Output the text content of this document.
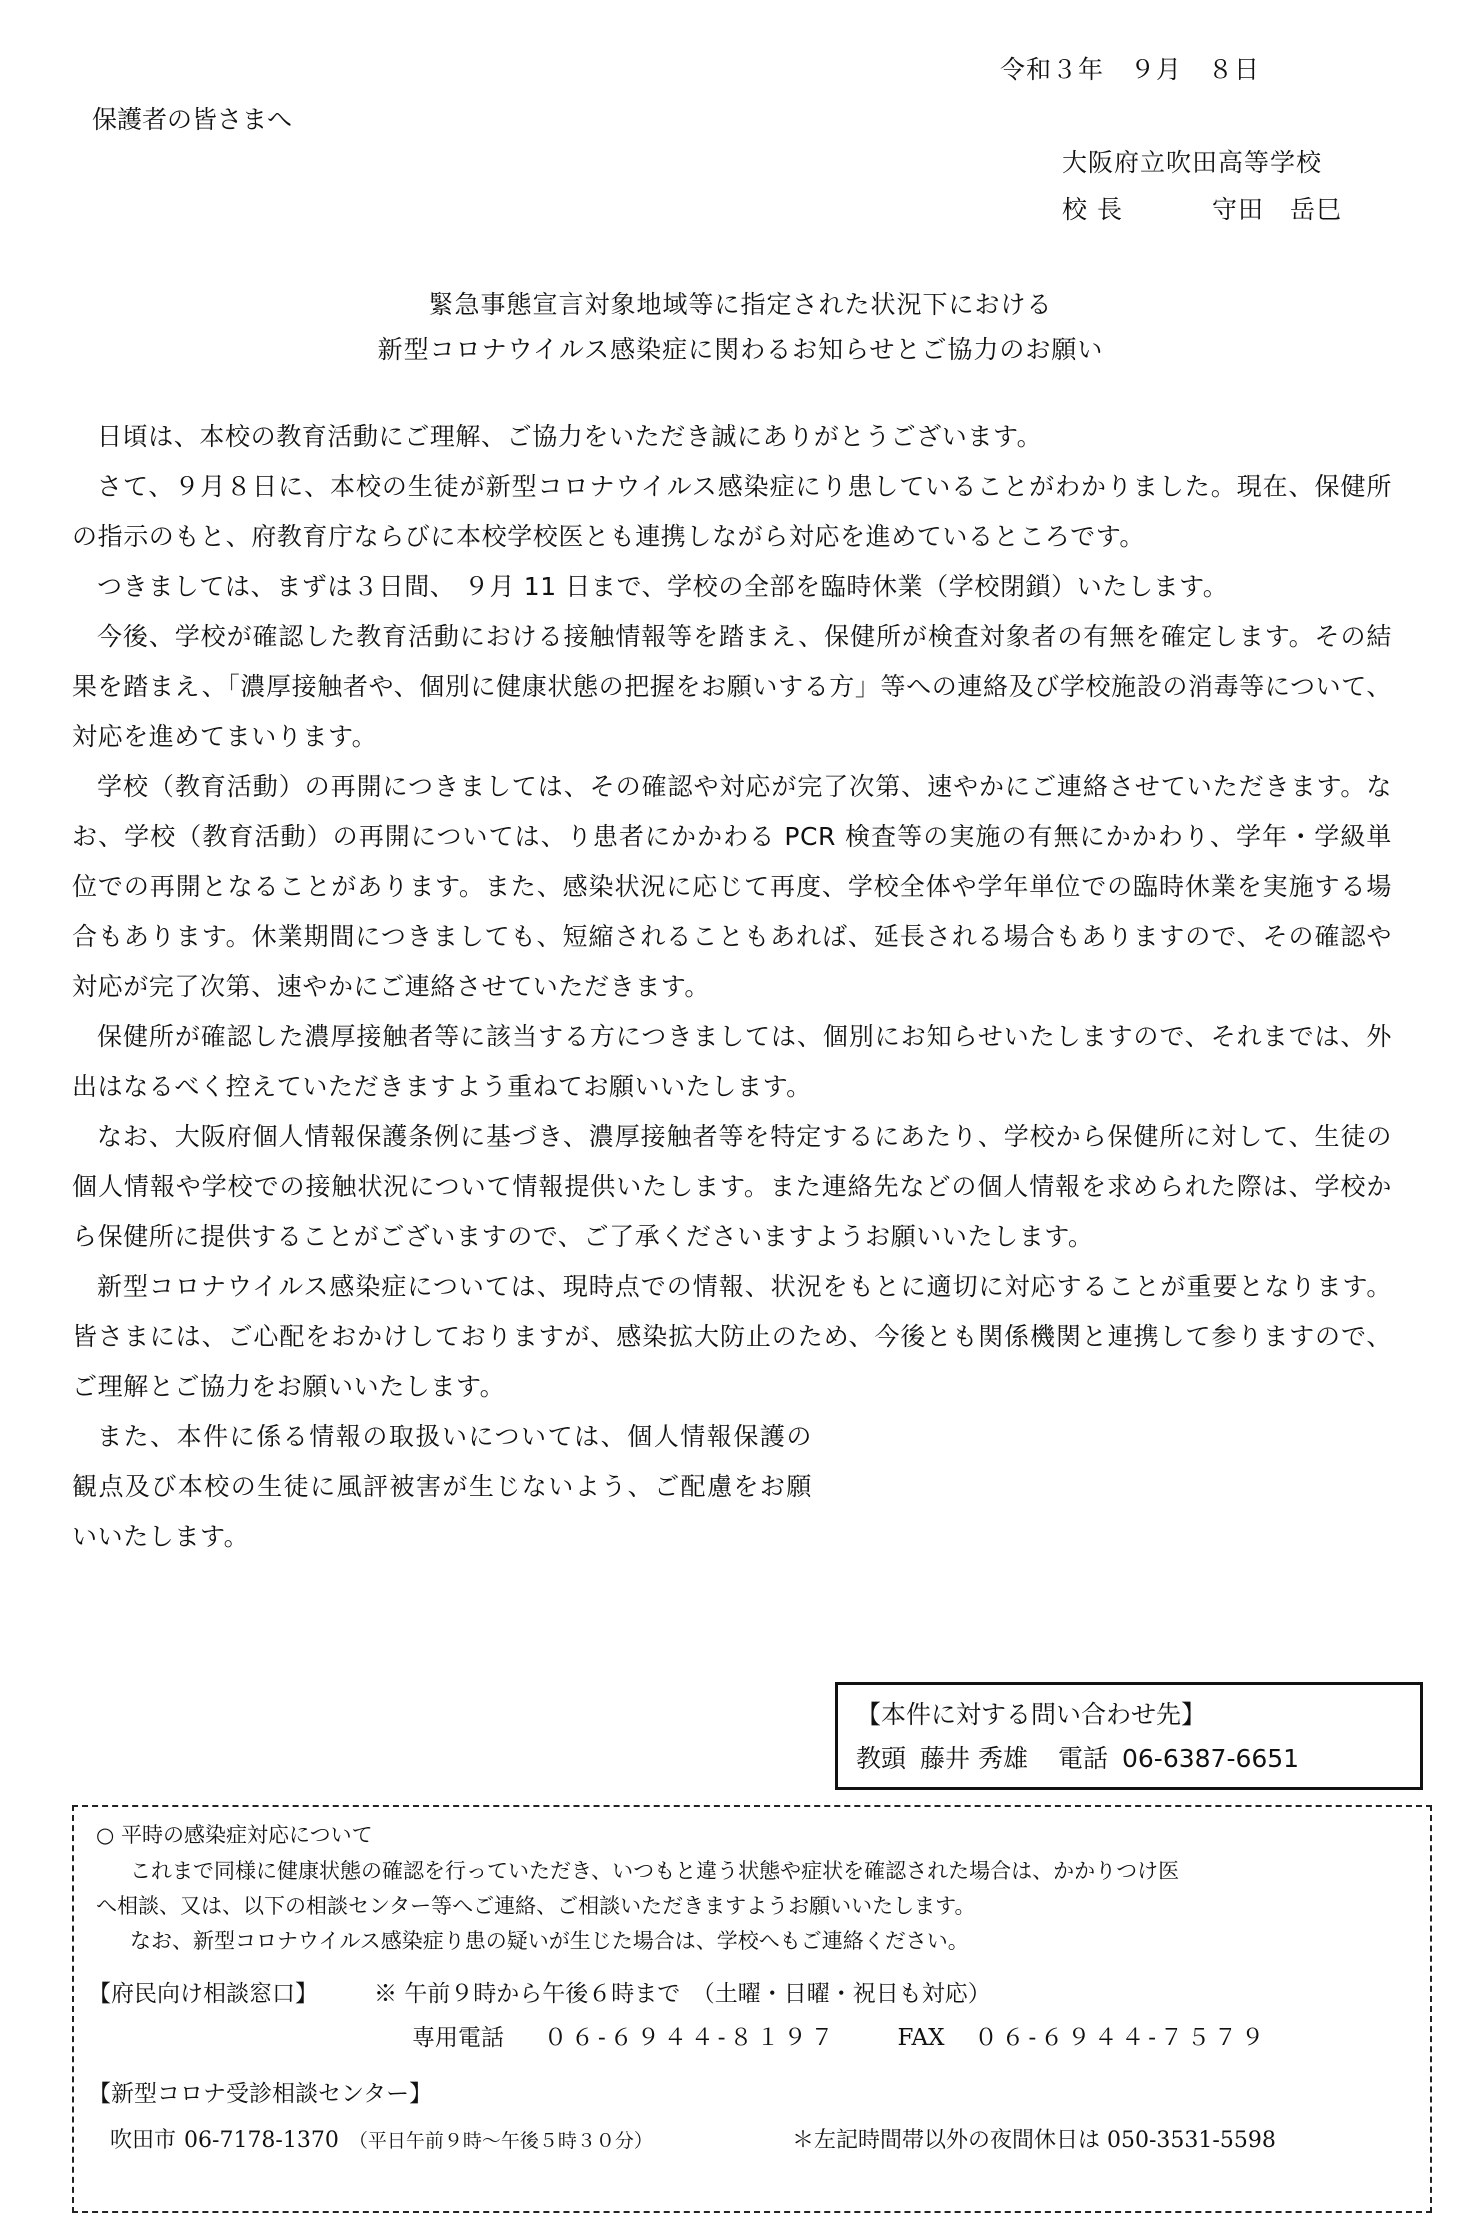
令和３年　９月　８日
保護者の皆さまへ
大阪府立吹田高等学校
校 長	守田　岳巳
緊急事態宣言対象地域等に指定された状況下における
新型コロナウイルス感染症に関わるお知らせとご協力のお願い

日頃は、本校の教育活動にご理解、ご協力をいただき誠にありがとうございます。

さて、９月８日に、本校の生徒が新型コロナウイルス感染症にり患していることがわかりました。現在、保健所の指示のもと、府教育庁ならびに本校学校医とも連携しながら対応を進めているところです。

つきましては、まずは３日間、 ９月 11 日まで、学校の全部を臨時休業（学校閉鎖）いたします。

今後、学校が確認した教育活動における接触情報等を踏まえ、保健所が検査対象者の有無を確定します。その結果を踏まえ、「濃厚接触者や、個別に健康状態の把握をお願いする方」等への連絡及び学校施設の消毒等について、対応を進めてまいります。

学校（教育活動）の再開につきましては、その確認や対応が完了次第、速やかにご連絡させていただきます。なお、学校（教育活動）の再開については、り患者にかかわる PCR 検査等の実施の有無にかかわり、学年・学級単位での再開となることがあります。また、感染状況に応じて再度、学校全体や学年単位での臨時休業を実施する場合もあります。休業期間につきましても、短縮されることもあれば、延長される場合もありますので、その確認や対応が完了次第、速やかにご連絡させていただきます。

保健所が確認した濃厚接触者等に該当する方につきましては、個別にお知らせいたしますので、それまでは、外出はなるべく控えていただきますよう重ねてお願いいたします。

なお、大阪府個人情報保護条例に基づき、濃厚接触者等を特定するにあたり、学校から保健所に対して、生徒の個人情報や学校での接触状況について情報提供いたします。また連絡先などの個人情報を求められた際は、学校から保健所に提供することがございますので、ご了承くださいますようお願いいたします。

新型コロナウイルス感染症については、現時点での情報、状況をもとに適切に対応することが重要となります。皆さまには、ご心配をおかけしておりますが、感染拡大防止のため、今後とも関係機関と連携して参りますので、ご理解とご協力をお願いいたします。

また、本件に係る情報の取扱いについては、個人情報保護の観点及び本校の生徒に風評被害が生じないよう、ご配慮をお願いいたします。

【本件に対する問い合わせ先】
教頭 藤井 秀雄 電話 06-6387-6651
○ 平時の感染症対応について
これまで同様に健康状態の確認を行っていただき、いつもと違う状態や症状を確認された場合は、かかりつけ医
へ相談、又は、以下の相談センター等へご連絡、ご相談いただきますようお願いいたします。
なお、新型コロナウイルス感染症り患の疑いが生じた場合は、学校へもご連絡ください。
【府民向け相談窓口】 ※ 午前９時から午後６時まで　（土曜・日曜・祝日も対応）
専用電話 ０６-６９４４-８１９７	FAX ０６-６９４４-７５７９
【新型コロナ受診相談センター】
吹田市 06-7178-1370 （平日午前９時～午後５時３０分）	＊左記時間帯以外の夜間休日は 050-3531-5598
